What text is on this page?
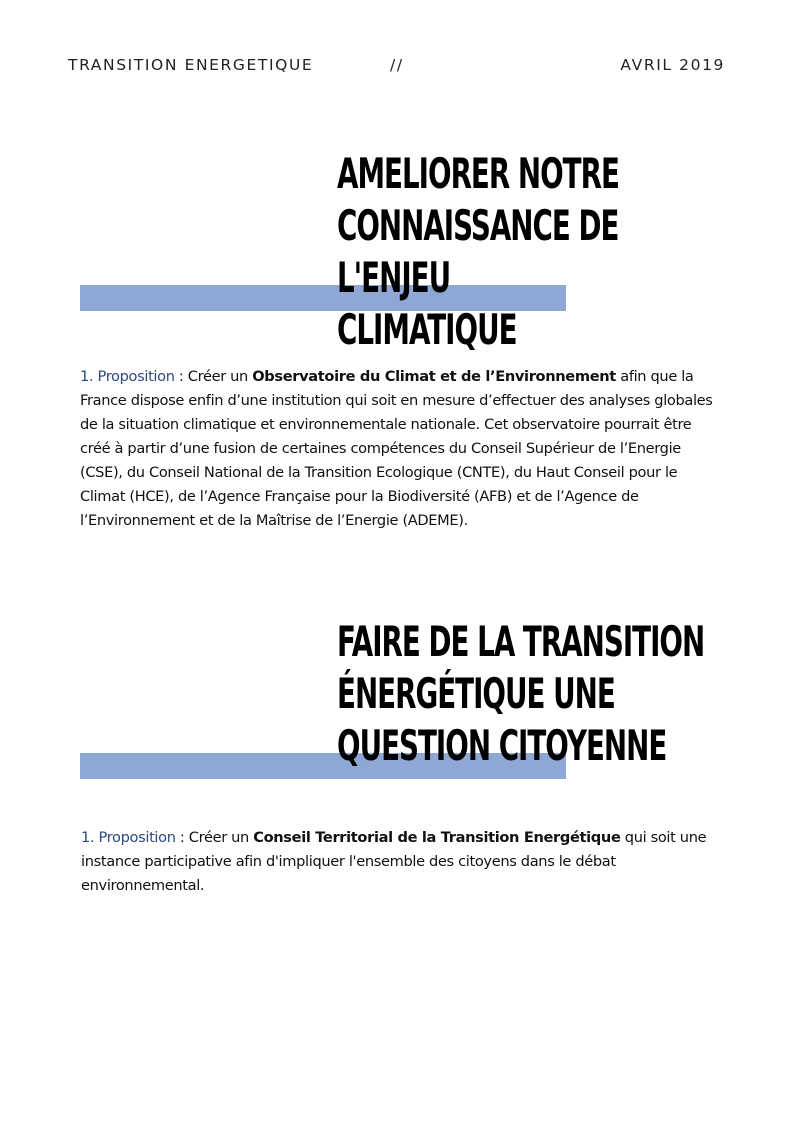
TRANSITION ENERGETIQUE	//	AVRIL 2019
AMELIORER NOTRE
CONNAISSANCE DE L'ENJEU
CLIMATIQUE

1. Proposition : Créer un Observatoire du Climat et de l’Environnement afin que la France dispose enfin d’une institution qui soit en mesure d’effectuer des analyses globales de la situation climatique et environnementale nationale. Cet observatoire pourrait être créé à partir d’une fusion de certaines compétences du Conseil Supérieur de l’Energie (CSE), du Conseil National de la Transition Ecologique (CNTE), du Haut Conseil pour le Climat (HCE), de l’Agence Française pour la Biodiversité (AFB) et de l’Agence de l’Environnement et de la Maîtrise de l’Energie (ADEME).

FAIRE DE LA TRANSITION
ÉNERGÉTIQUE UNE
QUESTION CITOYENNE

1. Proposition : Créer un Conseil Territorial de la Transition Energétique qui soit une instance participative afin d'impliquer l'ensemble des citoyens dans le débat environnemental.
